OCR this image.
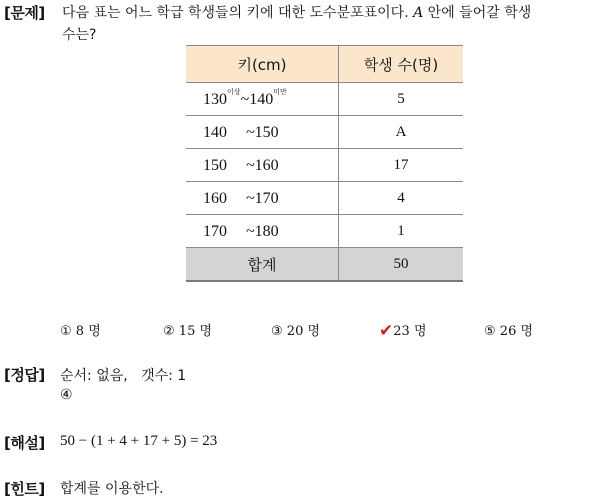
[문제] 다음 표는 어느 학급 학생들의 키에 대한 도수분포표이다. A 안에 들어갈 학생
수는?
키(cm)	학생 수(명)
$130^{이상}\sim 140^{미만}$	5
140 ~150	A
150 ~160	17
160 ~170	4
170 ~180	1
합계	50
① 8 명	② 15 명	③ 20 명	✔23 명	⑤ 26 명
[정답] 순서: 없음,   갯수: 1
④
[해설] 50 − (1 + 4 + 17 + 5) = 23
[힌트] 합계를 이용한다.
